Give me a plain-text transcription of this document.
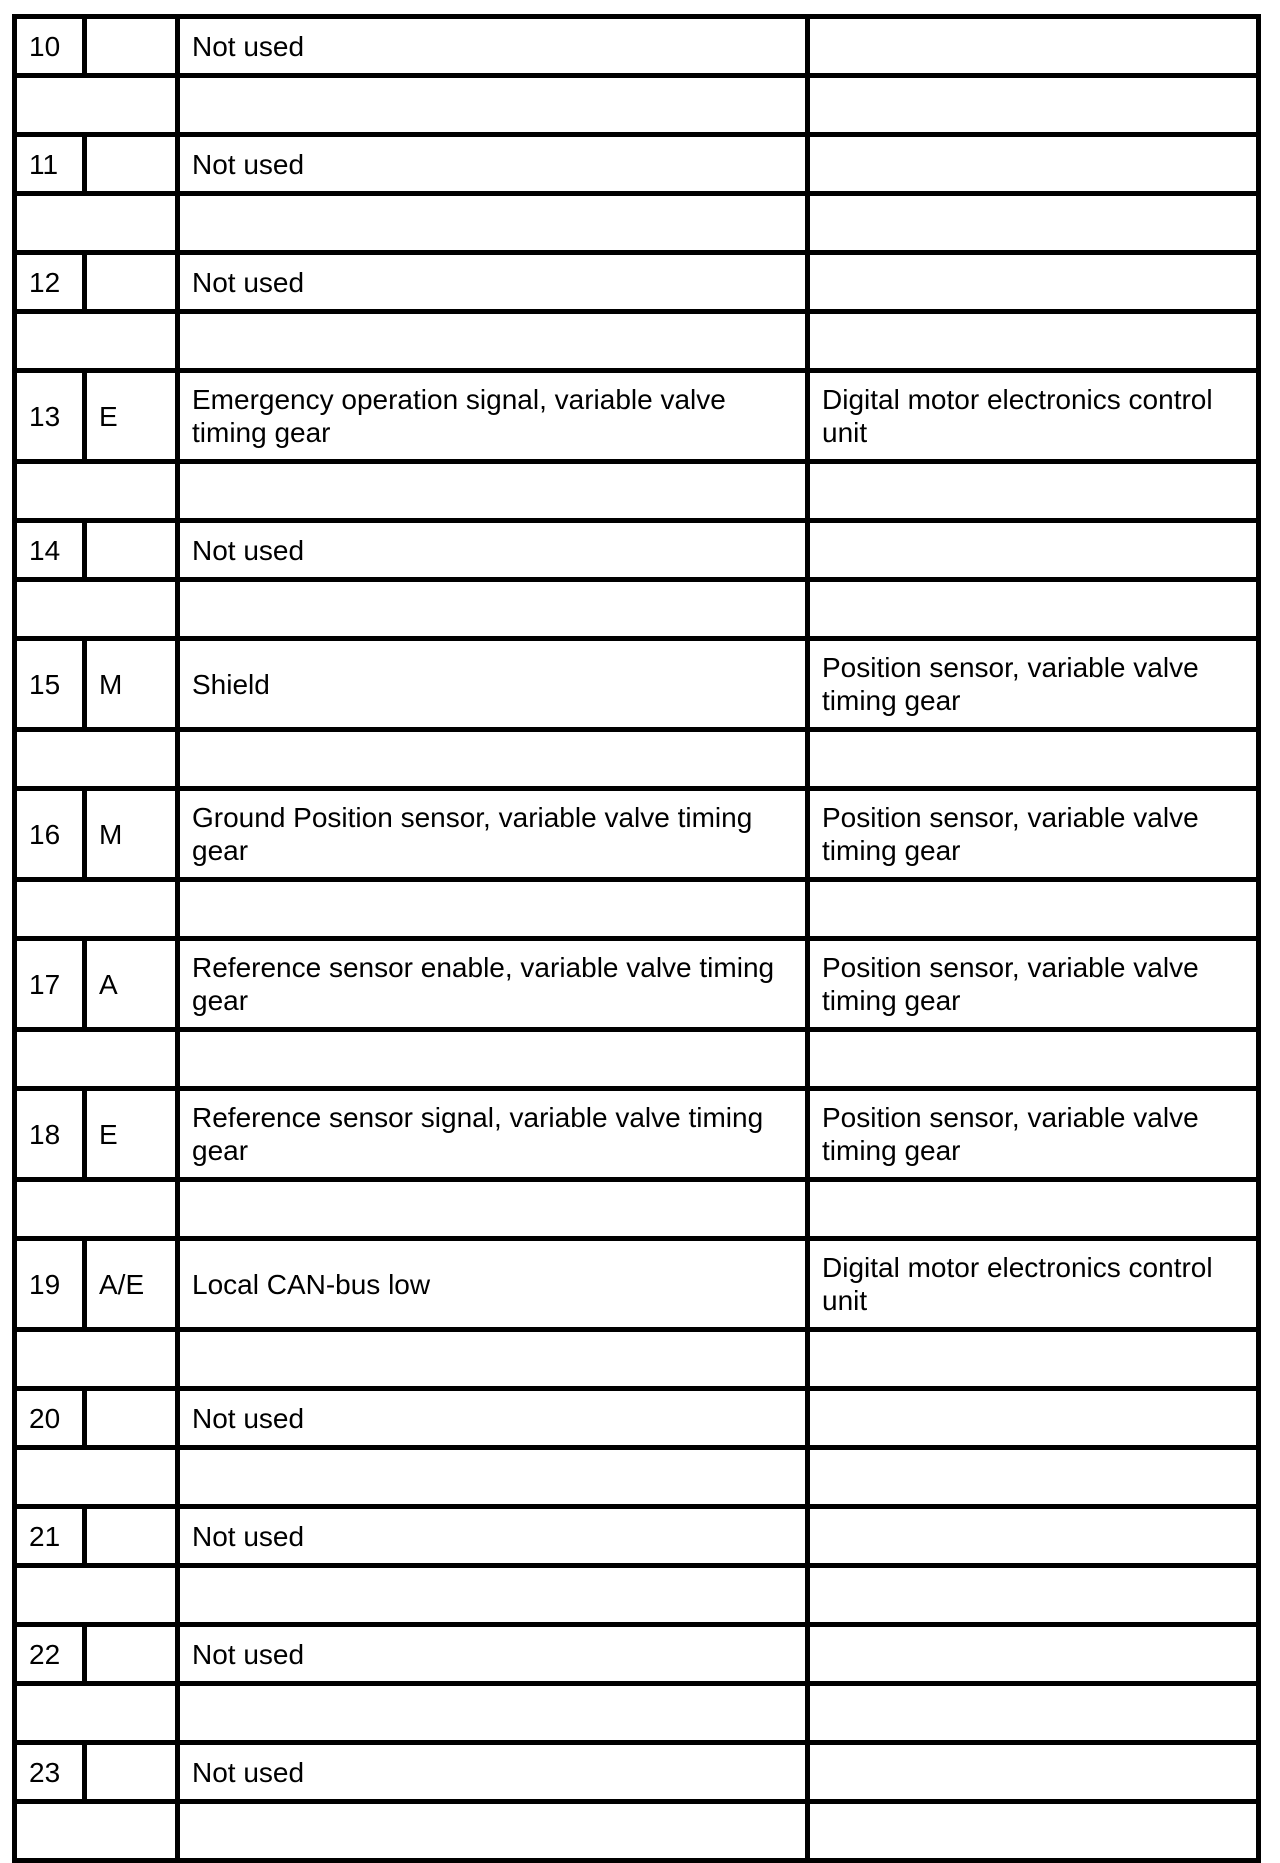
10		Not used	

11		Not used	

12		Not used	

13	E	Emergency operation signal, variable valve timing gear	Digital motor electronics control unit

14		Not used	

15	M	Shield	Position sensor, variable valve timing gear

16	M	Ground Position sensor, variable valve timing gear	Position sensor, variable valve timing gear

17	A	Reference sensor enable, variable valve timing gear	Position sensor, variable valve timing gear

18	E	Reference sensor signal, variable valve timing gear	Position sensor, variable valve timing gear

19	A/E	Local CAN-bus low	Digital motor electronics control unit

20		Not used	

21		Not used	

22		Not used	

23		Not used	
